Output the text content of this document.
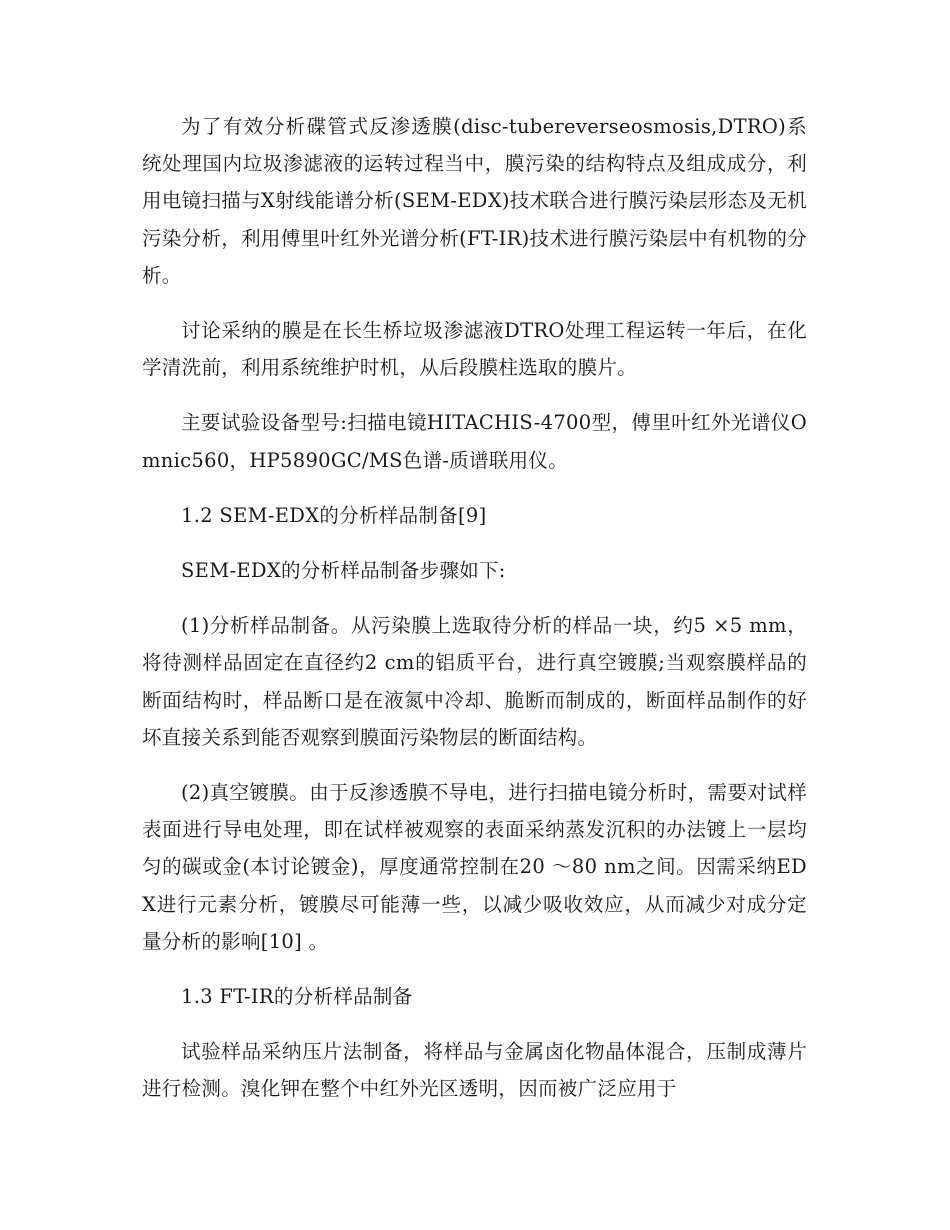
为了有效分析碟管式反渗透膜(disc-tubereverseosmosis,DTRO)系统处理国内垃圾渗滤液的运转过程当中，膜污染的结构特点及组成成分，利用电镜扫描与X射线能谱分析(SEM-EDX)技术联合进行膜污染层形态及无机污染分析，利用傅里叶红外光谱分析(FT-IR)技术进行膜污染层中有机物的分析。

讨论采纳的膜是在长生桥垃圾渗滤液DTRO处理工程运转一年后，在化学清洗前，利用系统维护时机，从后段膜柱选取的膜片。

主要试验设备型号:扫描电镜HITACHIS-4700型，傅里叶红外光谱仪Omnic560，HP5890GC/MS色谱-质谱联用仪。

1.2 SEM-EDX的分析样品制备[9]

SEM-EDX的分析样品制备步骤如下:

(1)分析样品制备。从污染膜上选取待分析的样品一块，约5 ×5 mm，将待测样品固定在直径约2 cm的铝质平台，进行真空镀膜;当观察膜样品的断面结构时，样品断口是在液氮中冷却、脆断而制成的，断面样品制作的好坏直接关系到能否观察到膜面污染物层的断面结构。

(2)真空镀膜。由于反渗透膜不导电，进行扫描电镜分析时，需要对试样表面进行导电处理，即在试样被观察的表面采纳蒸发沉积的办法镀上一层均匀的碳或金(本讨论镀金)，厚度通常控制在20 ～80 nm之间。因需采纳EDX进行元素分析，镀膜尽可能薄一些，以减少吸收效应，从而减少对成分定量分析的影响[10] 。

1.3 FT-IR的分析样品制备

试验样品采纳压片法制备，将样品与金属卤化物晶体混合，压制成薄片进行检测。溴化钾在整个中红外光区透明，因而被广泛应用于
